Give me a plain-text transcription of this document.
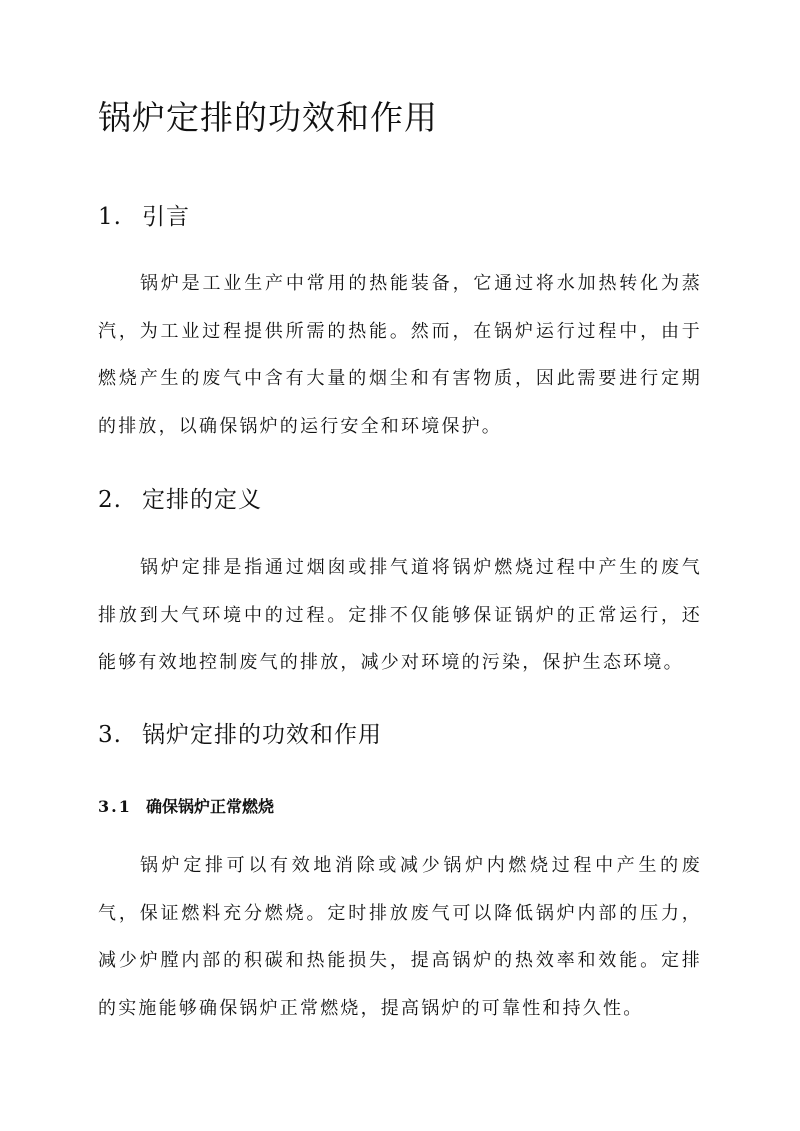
锅炉定排的功效和作用
1. 引言

锅炉是工业生产中常用的热能装备，它通过将水加热转化为蒸汽，为工业过程提供所需的热能。然而，在锅炉运行过程中，由于燃烧产生的废气中含有大量的烟尘和有害物质，因此需要进行定期的排放，以确保锅炉的运行安全和环境保护。

2. 定排的定义

锅炉定排是指通过烟囱或排气道将锅炉燃烧过程中产生的废气排放到大气环境中的过程。定排不仅能够保证锅炉的正常运行，还能够有效地控制废气的排放，减少对环境的污染，保护生态环境。

3. 锅炉定排的功效和作用
3.1 确保锅炉正常燃烧

锅炉定排可以有效地消除或减少锅炉内燃烧过程中产生的废气，保证燃料充分燃烧。定时排放废气可以降低锅炉内部的压力，减少炉膛内部的积碳和热能损失，提高锅炉的热效率和效能。定排的实施能够确保锅炉正常燃烧，提高锅炉的可靠性和持久性。
